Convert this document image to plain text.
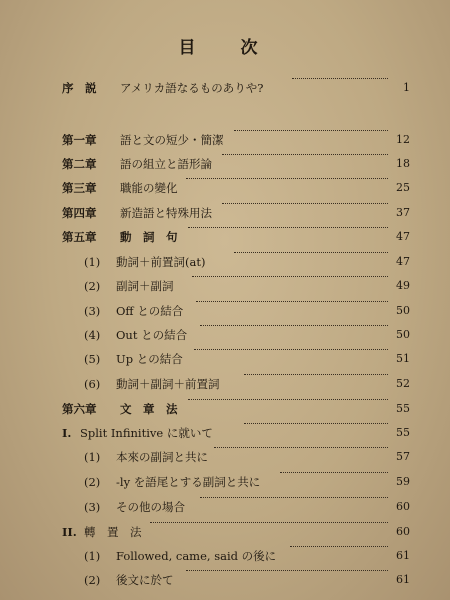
目　次
序　説 アメリカ語なるものありや?	1
第一章 語と文の短少・簡潔	12
第二章 語の組立と語形論	18
第三章 職能の變化	25
第四章 新造語と特殊用法	37
第五章 動　詞　句	47
(1) 動詞＋前置詞(at)	47
(2) 副詞＋副詞	49
(3) Off との結合	50
(4) Out との結合	50
(5) Up との結合	51
(6) 動詞＋副詞＋前置詞	52
第六章 文　章　法	55
I. Split Infinitive に就いて	55
(1) 本來の副詞と共に	57
(2) -ly を語尾とする副詞と共に	59
(3) その他の場合	60
II. 轉　置　法	60
(1) Followed, came, said の後に	61
(2) 後文に於て	61
